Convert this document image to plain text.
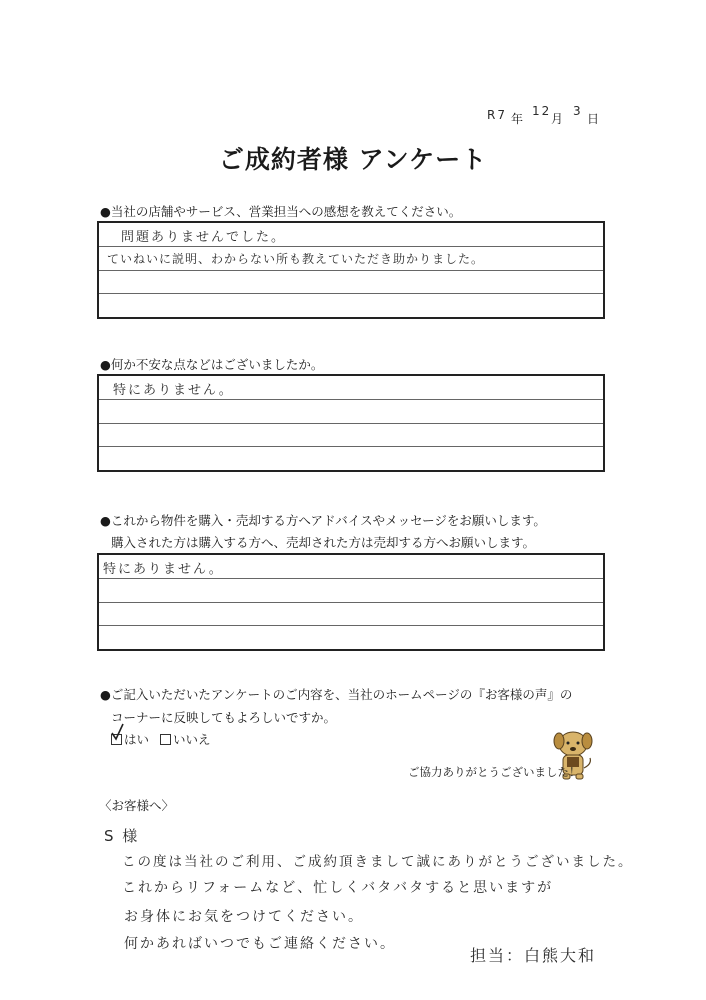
R7 年
12
月
3
日
ご成約者様 アンケート
●当社の店舗やサービス、営業担当への感想を教えてください。
問題ありませんでした。
ていねいに説明、わからない所も教えていただき助かりました。
●何か不安な点などはございましたか。
特にありません。
●これから物件を購入・売却する方へアドバイスやメッセージをお願いします。
購入された方は購入する方へ、売却された方は売却する方へお願いします。
特にありません。
●ご記入いただいたアンケートのご内容を、当社のホームページの『お客様の声』の
コーナーに反映してもよろしいですか。
はい	いいえ
ご協力ありがとうございました！
〈お客様へ〉
S 様
この度は当社のご利用、ご成約頂きまして誠にありがとうございました。
これからリフォームなど、忙しくバタバタすると思いますが
お身体にお気をつけてください。
何かあればいつでもご連絡ください。
担当：白熊大和
